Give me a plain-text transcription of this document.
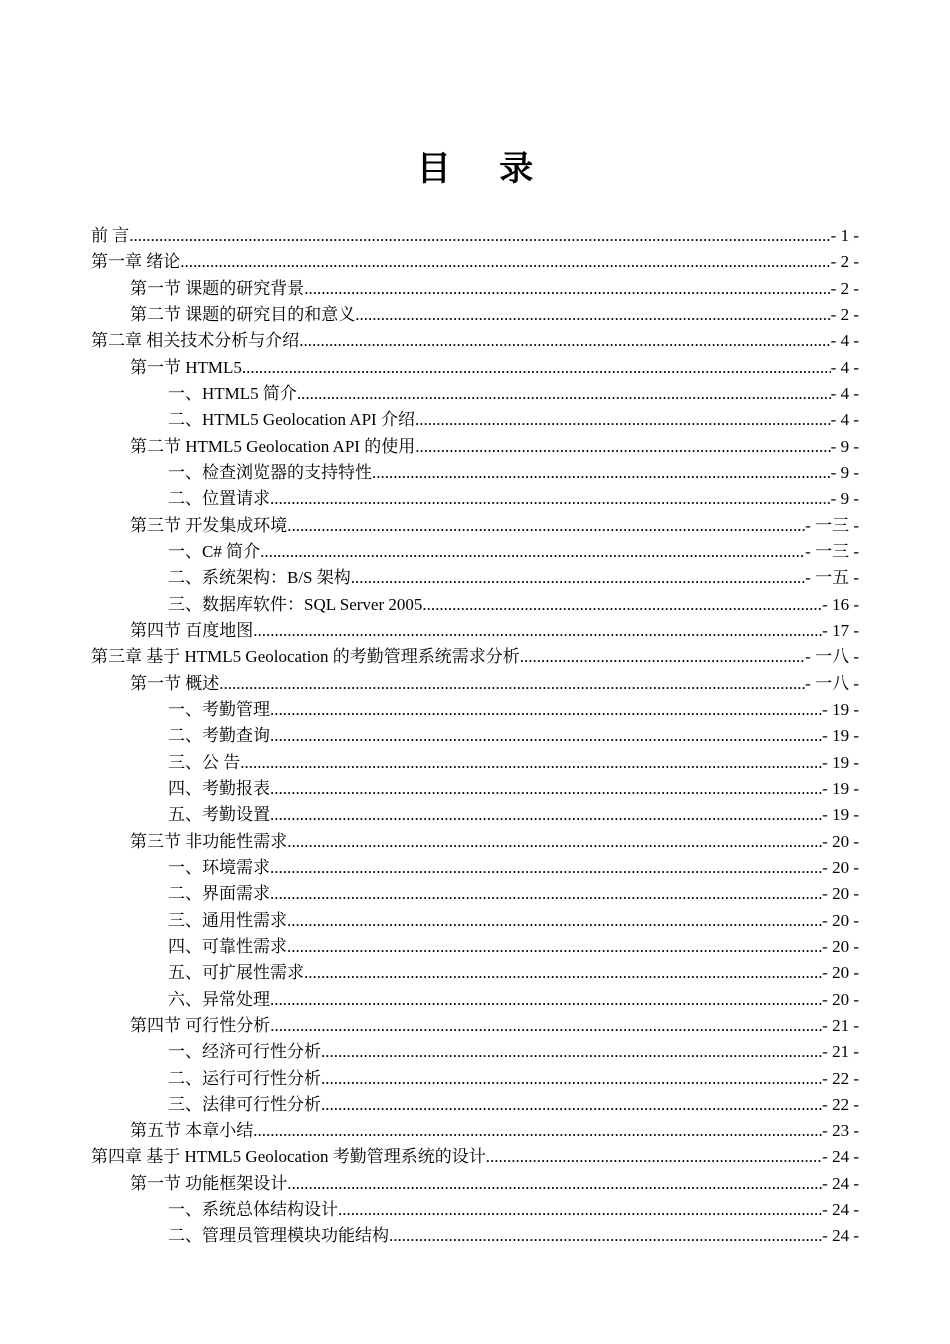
目 录
前 言 .....	- 1 -
第一章 绪论 .....	- 2 -
第一节 课题的研究背景 .....	- 2 -
第二节 课题的研究目的和意义 .....	- 2 -
第二章 相关技术分析与介绍 .....	- 4 -
第一节 HTML5 .....	- 4 -
一、HTML5 简介 .....	- 4 -
二、HTML5 Geolocation API 介绍 .....	- 4 -
第二节 HTML5 Geolocation API 的使用 .....	- 9 -
一、检查浏览器的支持特性 .....	- 9 -
二、位置请求 .....	- 9 -
第三节 开发集成环境 .....	- 一三 -
一、C# 简介 .....	- 一三 -
二、系统架构：B/S 架构 .....	- 一五 -
三、数据库软件：SQL Server 2005 .....	- 16 -
第四节 百度地图 .....	- 17 -
第三章 基于 HTML5 Geolocation 的考勤管理系统需求分析 .....	- 一八 -
第一节 概述 .....	- 一八 -
一、考勤管理 .....	- 19 -
二、考勤查询 .....	- 19 -
三、公 告 .....	- 19 -
四、考勤报表 .....	- 19 -
五、考勤设置 .....	- 19 -
第三节 非功能性需求 .....	- 20 -
一、环境需求 .....	- 20 -
二、界面需求 .....	- 20 -
三、通用性需求 .....	- 20 -
四、可靠性需求 .....	- 20 -
五、可扩展性需求 .....	- 20 -
六、异常处理 .....	- 20 -
第四节 可行性分析 .....	- 21 -
一、经济可行性分析 .....	- 21 -
二、运行可行性分析 .....	- 22 -
三、法律可行性分析 .....	- 22 -
第五节 本章小结 .....	- 23 -
第四章 基于 HTML5 Geolocation 考勤管理系统的设计 .....	- 24 -
第一节 功能框架设计 .....	- 24 -
一、系统总体结构设计 .....	- 24 -
二、管理员管理模块功能结构 .....	- 24 -
